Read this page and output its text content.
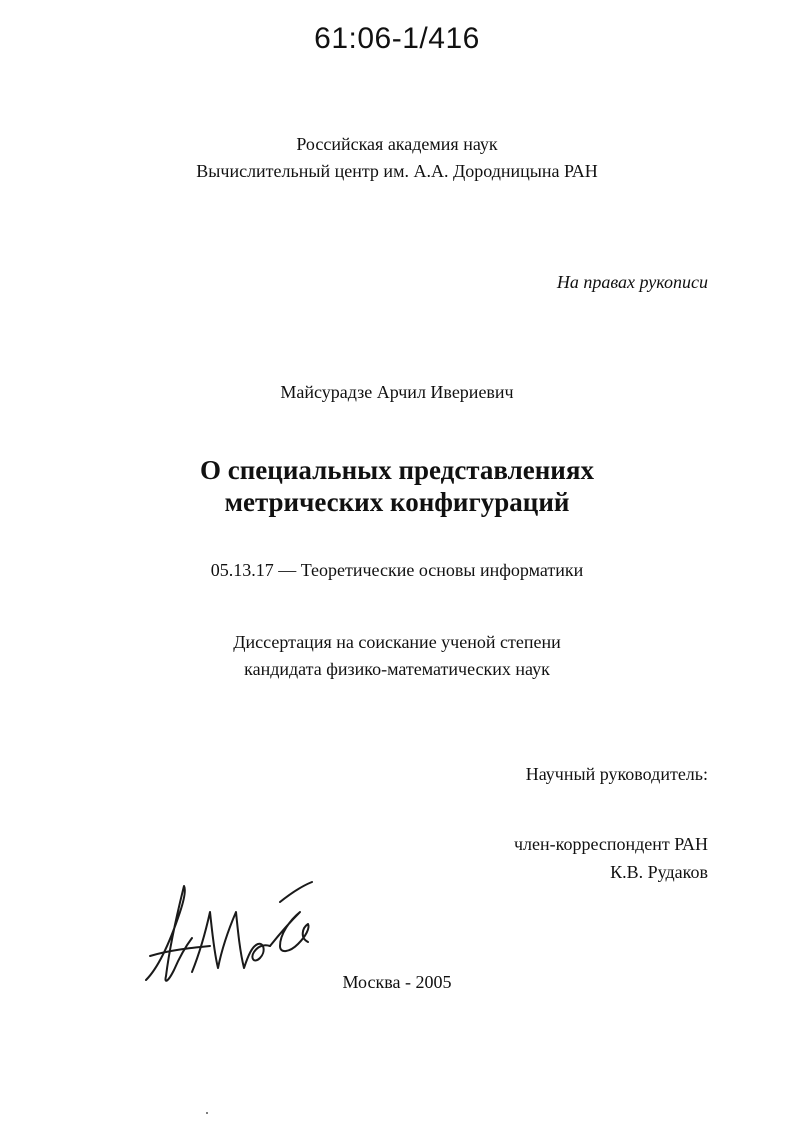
61:06-1/416
Российская академия наук
Вычислительный центр им. А.А. Дородницына РАН
На правах рукописи
Майсурадзе Арчил Ивериевич
О специальных представлениях
метрических конфигураций
05.13.17 — Теоретические основы информатики
Диссертация на соискание ученой степени
кандидата физико-математических наук
Научный руководитель:
член-корреспондент РАН
К.В. Рудаков
Москва - 2005
